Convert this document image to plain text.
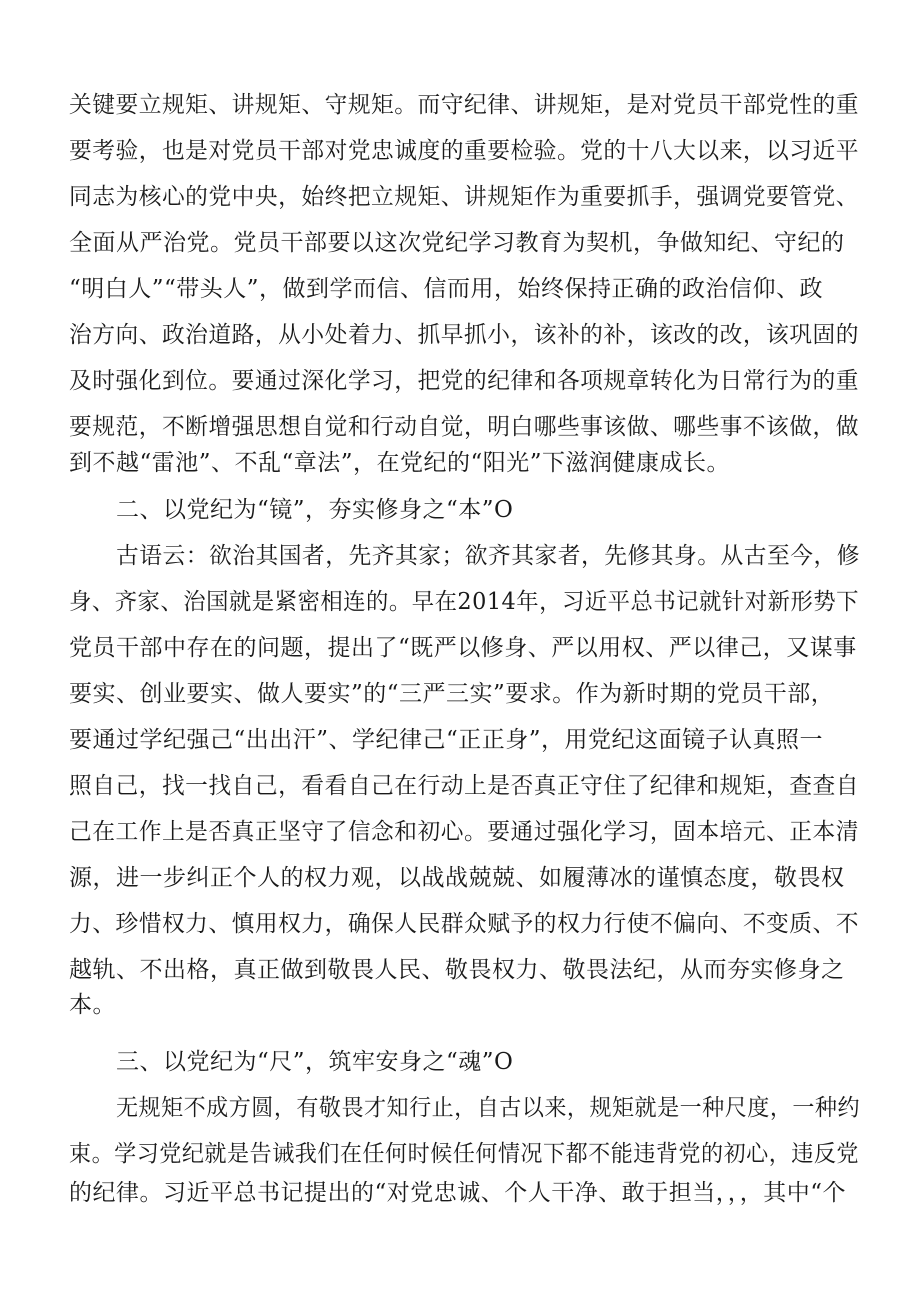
关键要立规矩、讲规矩、守规矩。而守纪律、讲规矩，是对党员干部党性的重
要考验，也是对党员干部对党忠诚度的重要检验。党的十八大以来，以习近平
同志为核心的党中央，始终把立规矩、讲规矩作为重要抓手，强调党要管党、
全面从严治党。党员干部要以这次党纪学习教育为契机，争做知纪、守纪的
“明白人”“带头人”，做到学而信、信而用，始终保持正确的政治信仰、政
治方向、政治道路，从小处着力、抓早抓小，该补的补，该改的改，该巩固的
及时强化到位。要通过深化学习，把党的纪律和各项规章转化为日常行为的重
要规范，不断增强思想自觉和行动自觉，明白哪些事该做、哪些事不该做，做
到不越“雷池”、不乱“章法”，在党纪的“阳光”下滋润健康成长。
二、以党纪为“镜”，夯实修身之“本”O
古语云：欲治其国者，先齐其家；欲齐其家者，先修其身。从古至今，修
身、齐家、治国就是紧密相连的。早在2014年，习近平总书记就针对新形势下
党员干部中存在的问题，提出了“既严以修身、严以用权、严以律己，又谋事
要实、创业要实、做人要实”的“三严三实”要求。作为新时期的党员干部，
要通过学纪强己“出出汗”、学纪律己“正正身”，用党纪这面镜子认真照一
照自己，找一找自己，看看自己在行动上是否真正守住了纪律和规矩，查查自
己在工作上是否真正坚守了信念和初心。要通过强化学习，固本培元、正本清
源，进一步纠正个人的权力观，以战战兢兢、如履薄冰的谨慎态度，敬畏权
力、珍惜权力、慎用权力，确保人民群众赋予的权力行使不偏向、不变质、不
越轨、不出格，真正做到敬畏人民、敬畏权力、敬畏法纪，从而夯实修身之
本。
三、以党纪为“尺”，筑牢安身之“魂”O
无规矩不成方圆，有敬畏才知行止，自古以来，规矩就是一种尺度，一种约
束。学习党纪就是告诫我们在任何时候任何情况下都不能违背党的初心，违反党
的纪律。习近平总书记提出的“对党忠诚、个人干净、敢于担当，，，其中“个
